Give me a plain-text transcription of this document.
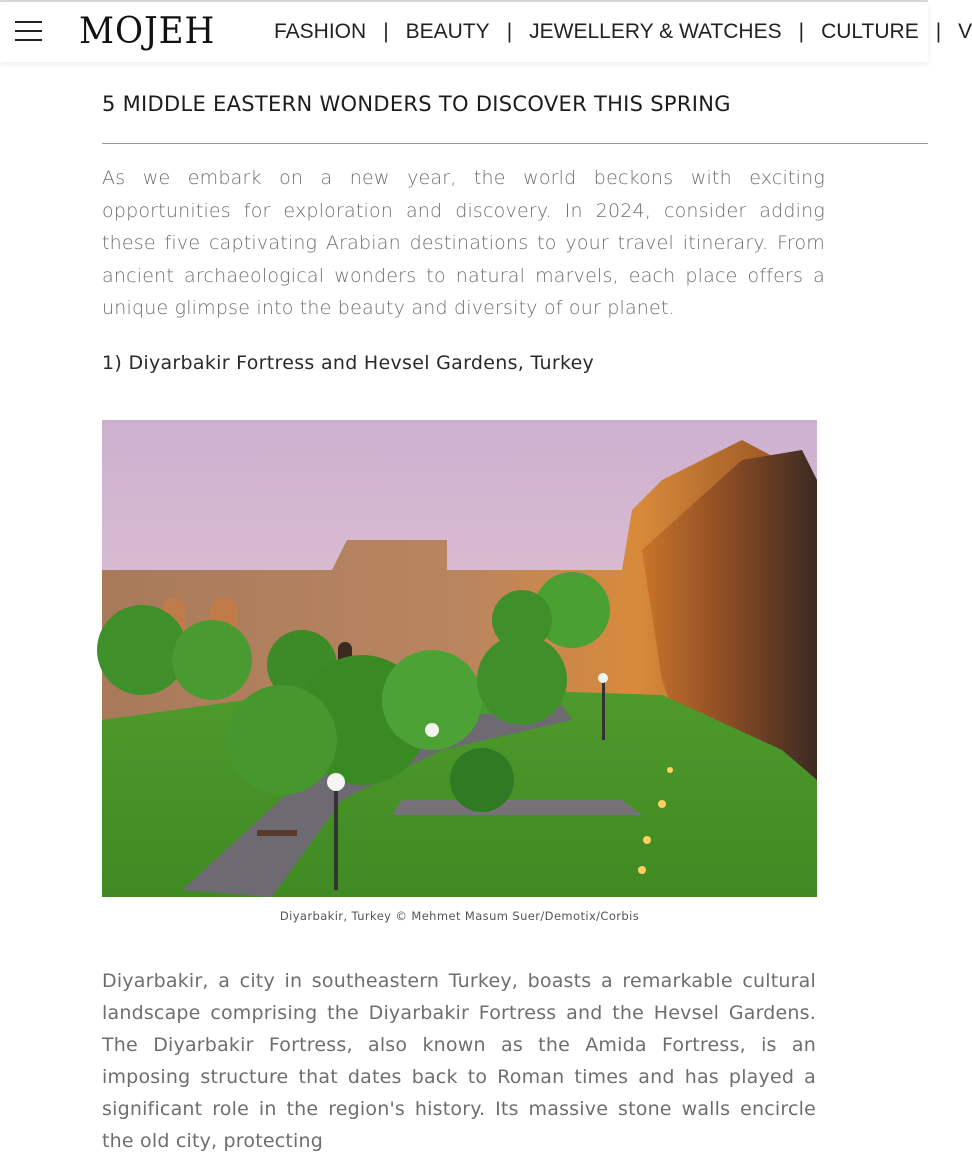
MOJEH	FASHION | BEAUTY | JEWELLERY & WATCHES | CULTURE | V
5 MIDDLE EASTERN WONDERS TO DISCOVER THIS SPRING

As we embark on a new year, the world beckons with exciting opportunities for exploration and discovery. In 2024, consider adding these five captivating Arabian destinations to your travel itinerary. From ancient archaeological wonders to natural marvels, each place offers a unique glimpse into the beauty and diversity of our planet.

1) Diyarbakir Fortress and Hevsel Gardens, Turkey

Diyarbakir, Turkey © Mehmet Masum Suer/Demotix/Corbis

Diyarbakir, a city in southeastern Turkey, boasts a remarkable cultural landscape comprising the Diyarbakir Fortress and the Hevsel Gardens. The Diyarbakir Fortress, also known as the Amida Fortress, is an imposing structure that dates back to Roman times and has played a significant role in the region's history. Its massive stone walls encircle the old city, protecting
